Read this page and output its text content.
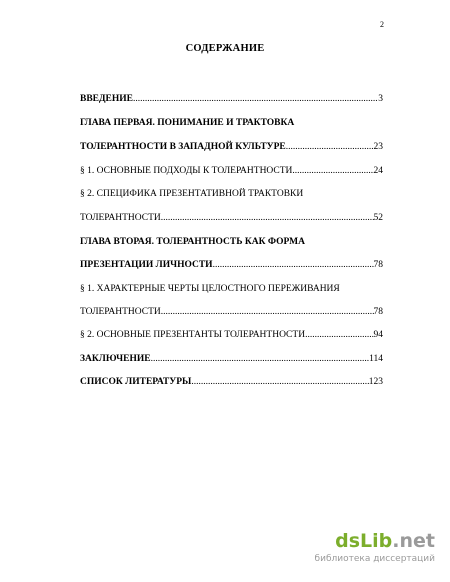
2
СОДЕРЖАНИЕ
ВВЕДЕНИЕ .....	3
ГЛАВА ПЕРВАЯ. ПОНИМАНИЕ И ТРАКТОВКА
ТОЛЕРАНТНОСТИ В ЗАПАДНОЙ КУЛЬТУРЕ .....	23
§ 1. ОСНОВНЫЕ ПОДХОДЫ К ТОЛЕРАНТНОСТИ .....	24
§ 2. СПЕЦИФИКА ПРЕЗЕНТАТИВНОЙ ТРАКТОВКИ
ТОЛЕРАНТНОСТИ .....	52
ГЛАВА ВТОРАЯ. ТОЛЕРАНТНОСТЬ КАК ФОРМА
ПРЕЗЕНТАЦИИ ЛИЧНОСТИ .....	78
§ 1. ХАРАКТЕРНЫЕ ЧЕРТЫ ЦЕЛОСТНОГО ПЕРЕЖИВАНИЯ
ТОЛЕРАНТНОСТИ .....	78
§ 2. ОСНОВНЫЕ ПРЕЗЕНТАНТЫ ТОЛЕРАНТНОСТИ .....	94
ЗАКЛЮЧЕНИЕ .....	114
СПИСОК ЛИТЕРАТУРЫ .....	123
dsLib.net
библиотека диссертаций
